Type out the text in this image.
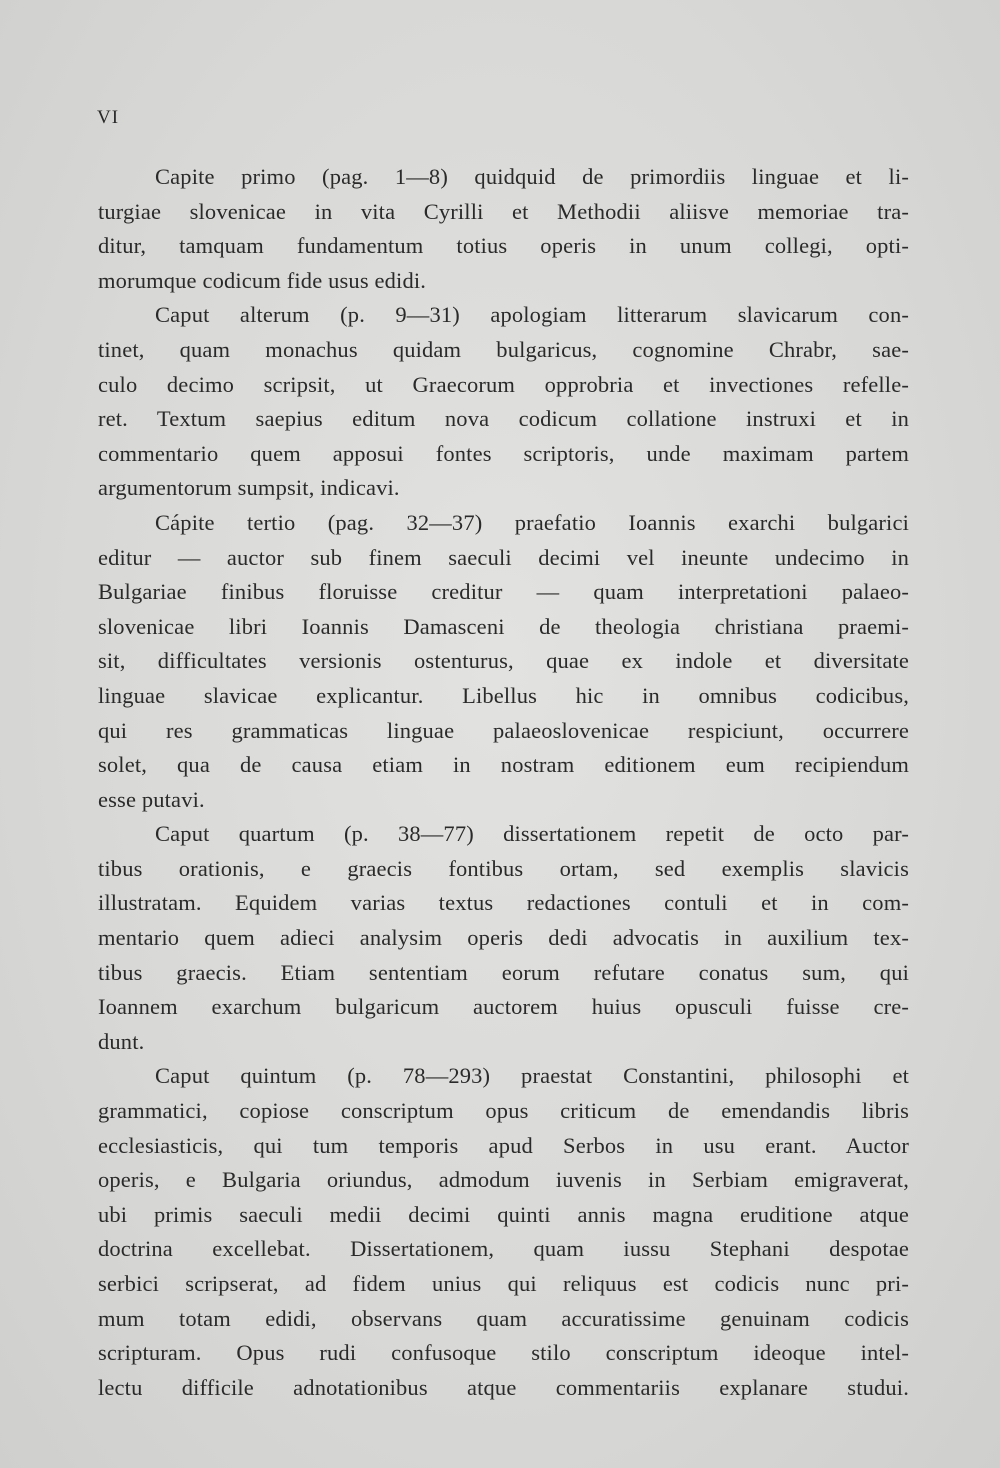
VI
Capite primo (pag. 1—8) quidquid de primordiis linguae et li-
turgiae slovenicae in vita Cyrilli et Methodii aliisve memoriae tra-
ditur, tamquam fundamentum totius operis in unum collegi, opti-
morumque codicum fide usus edidi.
Caput alterum (p. 9—31) apologiam litterarum slavicarum con-
tinet, quam monachus quidam bulgaricus, cognomine Chrabr, sae-
culo decimo scripsit, ut Graecorum opprobria et invectiones refelle-
ret. Textum saepius editum nova codicum collatione instruxi et in
commentario quem apposui fontes scriptoris, unde maximam partem
argumentorum sumpsit, indicavi.
Cápite tertio (pag. 32—37) praefatio Ioannis exarchi bulgarici
editur — auctor sub finem saeculi decimi vel ineunte undecimo in
Bulgariae finibus floruisse creditur — quam interpretationi palaeo-
slovenicae libri Ioannis Damasceni de theologia christiana praemi-
sit, difficultates versionis ostenturus, quae ex indole et diversitate
linguae slavicae explicantur. Libellus hic in omnibus codicibus,
qui res grammaticas linguae palaeoslovenicae respiciunt, occurrere
solet, qua de causa etiam in nostram editionem eum recipiendum
esse putavi.
Caput quartum (p. 38—77) dissertationem repetit de octo par-
tibus orationis, e graecis fontibus ortam, sed exemplis slavicis
illustratam. Equidem varias textus redactiones contuli et in com-
mentario quem adieci analysim operis dedi advocatis in auxilium tex-
tibus graecis. Etiam sententiam eorum refutare conatus sum, qui
Ioannem exarchum bulgaricum auctorem huius opusculi fuisse cre-
dunt.
Caput quintum (p. 78—293) praestat Constantini, philosophi et
grammatici, copiose conscriptum opus criticum de emendandis libris
ecclesiasticis, qui tum temporis apud Serbos in usu erant. Auctor
operis, e Bulgaria oriundus, admodum iuvenis in Serbiam emigraverat,
ubi primis saeculi medii decimi quinti annis magna eruditione atque
doctrina excellebat. Dissertationem, quam iussu Stephani despotae
serbici scripserat, ad fidem unius qui reliquus est codicis nunc pri-
mum totam edidi, observans quam accuratissime genuinam codicis
scripturam. Opus rudi confusoque stilo conscriptum ideoque intel-
lectu difficile adnotationibus atque commentariis explanare studui.
